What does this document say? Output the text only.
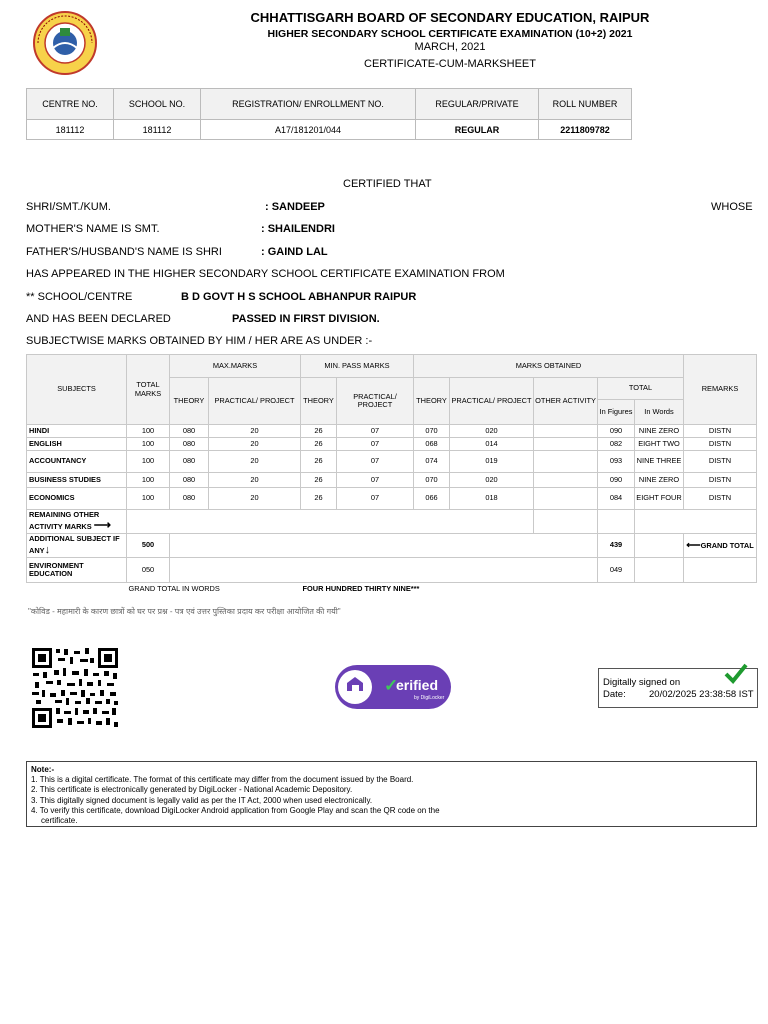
CHHATTISGARH BOARD OF SECONDARY EDUCATION, RAIPUR
HIGHER SECONDARY SCHOOL CERTIFICATE EXAMINATION (10+2) 2021
MARCH, 2021
CERTIFICATE-CUM-MARKSHEET
CENTRE NO.	SCHOOL NO.	REGISTRATION/ ENROLLMENT NO.	REGULAR/PRIVATE	ROLL NUMBER
181112	181112	A17/181201/044	REGULAR	2211809782
CERTIFIED THAT
SHRI/SMT./KUM.	: SANDEEP	WHOSE
MOTHER'S NAME IS SMT.	: SHAILENDRI
FATHER'S/HUSBAND'S NAME IS SHRI	: GAIND LAL
HAS APPEARED IN THE HIGHER SECONDARY SCHOOL CERTIFICATE EXAMINATION FROM
** SCHOOL/CENTRE	B D GOVT H S SCHOOL ABHANPUR RAIPUR
AND HAS BEEN DECLARED	PASSED IN FIRST DIVISION.
SUBJECTWISE MARKS OBTAINED BY HIM / HER ARE AS UNDER :-
SUBJECTS	TOTAL MARKS	MAX.MARKS		MIN. PASS MARKS		MARKS OBTAINED					REMARKS
		THEORY	PRACTICAL/ PROJECT	THEORY	PRACTICAL/ PROJECT	THEORY	PRACTICAL/ PROJECT	OTHER ACTIVITY	TOTAL		
									In Figures	In Words	
HINDI	100	080	20	26	07	070	020		090	NINE ZERO	DISTN
ENGLISH	100	080	20	26	07	068	014		082	EIGHT TWO	DISTN
ACCOUNTANCY	100	080	20	26	07	074	019		093	NINE THREE	DISTN
BUSINESS STUDIES	100	080	20	26	07	070	020		090	NINE ZERO	DISTN
ECONOMICS	100	080	20	26	07	066	018		084	EIGHT FOUR	DISTN
REMAINING OTHER ACTIVITY MARKS ⟶											
ADDITIONAL SUBJECT IF ANY↓	500								439		⟵GRAND TOTAL
ENVIRONMENT EDUCATION	050								049		
	GRAND TOTAL IN WORDS			FOUR HUNDRED THIRTY NINE***							
"कोविड - महामारी के कारण छात्रों को घर पर प्रश्न - पत्र एवं उत्तर पुस्तिका प्रदाय कर परीक्षा आयोजित की गयी"
✓
erified
by DigiLocker
Digitally signed on
Date: 20/02/2025 23:38:58 IST
Note:-
1. This is a digital certificate. The format of this certificate may differ from the document issued by the Board.
2. This certificate is electronically generated by DigiLocker - National Academic Depository.
3. This digitally signed document is legally valid as per the IT Act, 2000 when used electronically.
4. To verify this certificate, download DigiLocker Android application from Google Play and scan the QR code on the
certificate.
